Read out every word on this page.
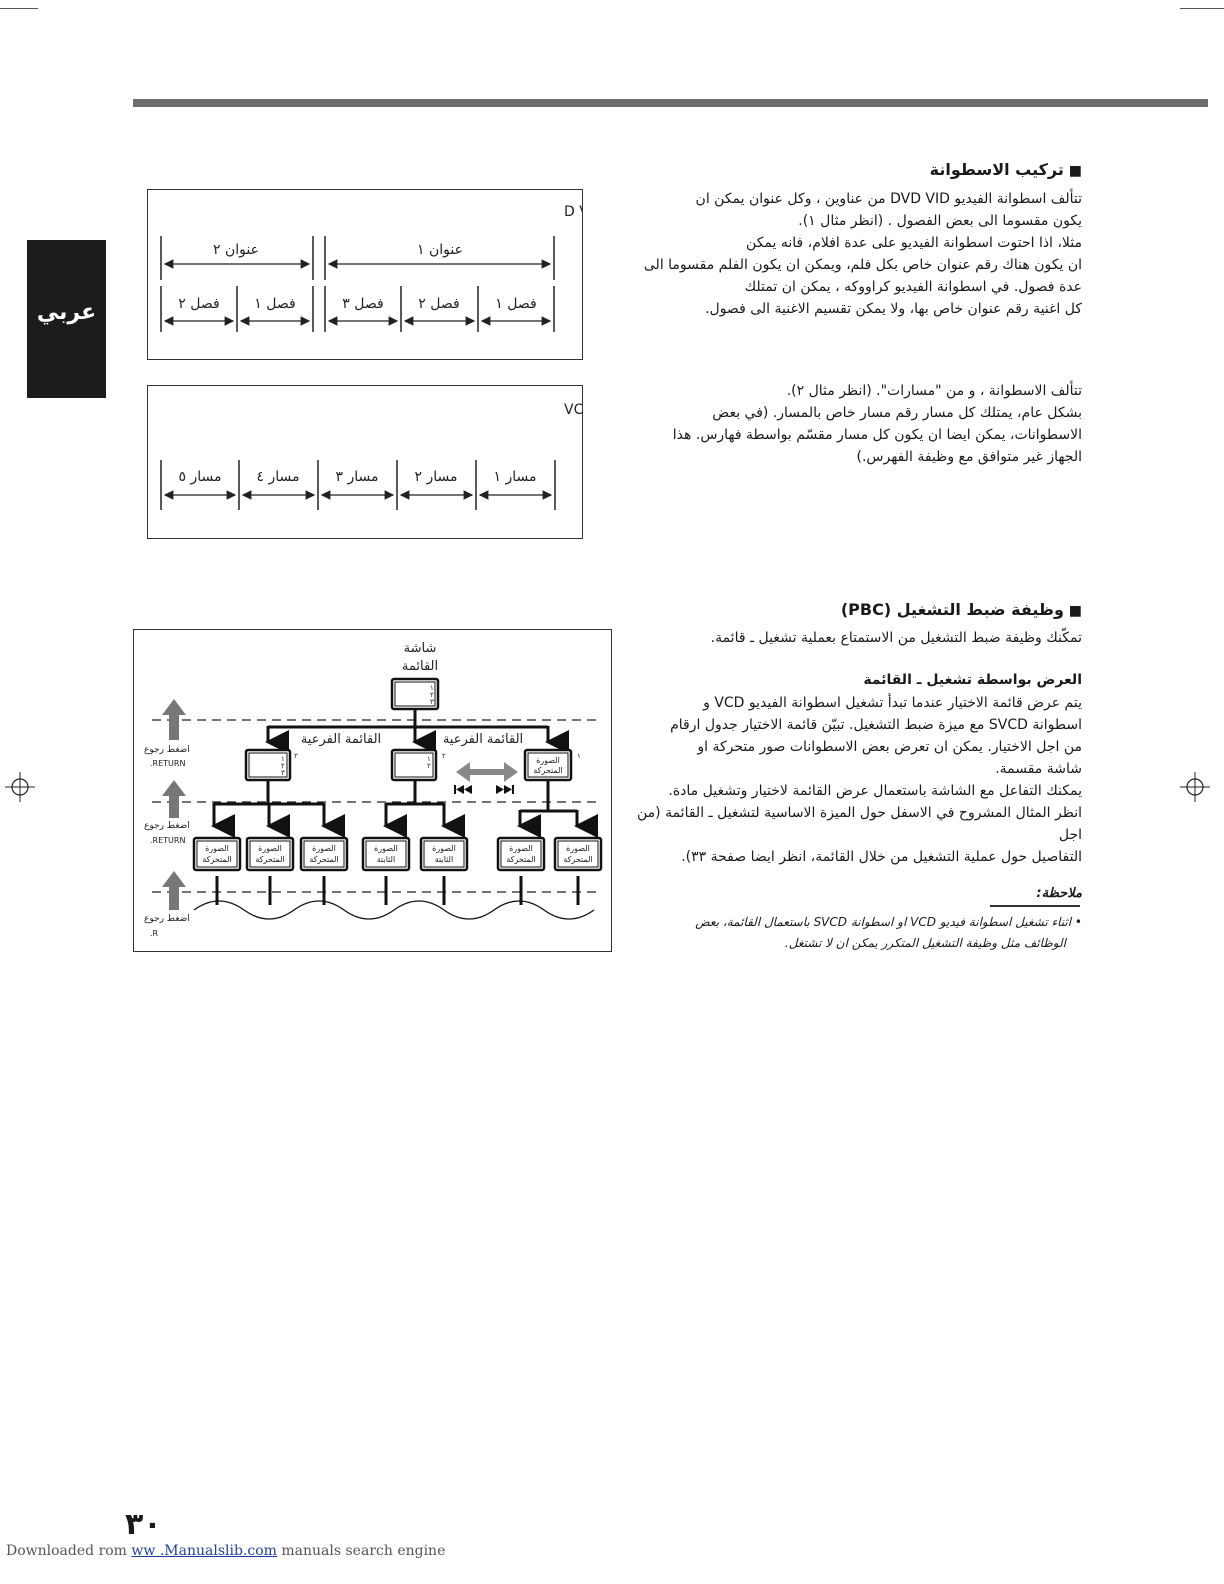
عربي
■ تركيب الاسطوانة
تتألف اسطوانة الفيديو DVD VID من عناوين ، وكل عنوان يمكن ان
يكون مقسوما الى بعض الفصول . (انظر مثال ١).
مثلا، اذا احتوت اسطوانة الفيديو على عدة افلام، فانه يمكن
ان يكون هناك رقم عنوان خاص بكل فلم، ويمكن ان يكون الفلم مقسوما الى
عدة فصول. في اسطوانة الفيديو كراووكه ، يمكن ان تمتلك
كل اغنية رقم عنوان خاص بها، ولا يمكن تقسيم الاغنية الى فصول.
تتألف الاسطوانة ، و من "مسارات". (انظر مثال ٢).
بشكل عام، يمتلك كل مسار رقم مسار خاص بالمسار. (في بعض
الاسطوانات، يمكن ايضا ان يكون كل مسار مقسّم بواسطة فهارس. هذا
الجهاز غير متوافق مع وظيفة الفهرس.)
D
عنوان ٢	عنوان ١
فصل ٢ فصل ١	فصل ٣ فصل ٢	فصل ١
VC
مسار ٥	مسار ٤	مسار ٣	مسار ٢	مسار ١
■ وظيفة ضبط التشغيل (PBC)
تمكّنك وظيفة ضبط التشغيل من الاستمتاع بعملية تشغيل ـ قائمة.
العرض بواسطة تشغيل ـ القائمة
يتم عرض قائمة الاختيار عندما تبدأ تشغيل اسطوانة الفيديو VCD و
اسطوانة SVCD مع ميزة ضبط التشغيل. تبيّن قائمة الاختيار جدول ارقام
من اجل الاختيار. يمكن ان تعرض بعض الاسطوانات صور متحركة او
شاشة مقسمة.
يمكنك التفاعل مع الشاشة باستعمال عرض القائمة لاختيار وتشغيل مادة.
انظر المثال المشروح في الاسفل حول الميزة الاساسية لتشغيل ـ القائمة (من اجل
التفاصيل حول عملية التشغيل من خلال القائمة، انظر ايضا صفحة ٣٣).
ملاحظة:
• اثناء تشغيل اسطوانة فيديو VCD او اسطوانة SVCD باستعمال القائمة، بعض
الوظائف مثل وظيفة التشغيل المتكرر يمكن ان لا تشتغل.
شاشة
القائمة
١
٢
٣
اضغط رجوع
.RETURN
اضغط رجوع
.RETURN
اضغط رجوع
.R
القائمة الفرعية	القائمة الفرعية
١
٢
٣
٢	١
٢
٢	الصورة
المتحركة
١
الصورة
المتحركة
الصورة
المتحركة
الصورة
المتحركة
الصورة
الثابتة
الصورة
الثابتة
الصورة
المتحركة
الصورة
المتحركة
٣٠
Downloaded rom ww .Manualslib.com manuals search engine
